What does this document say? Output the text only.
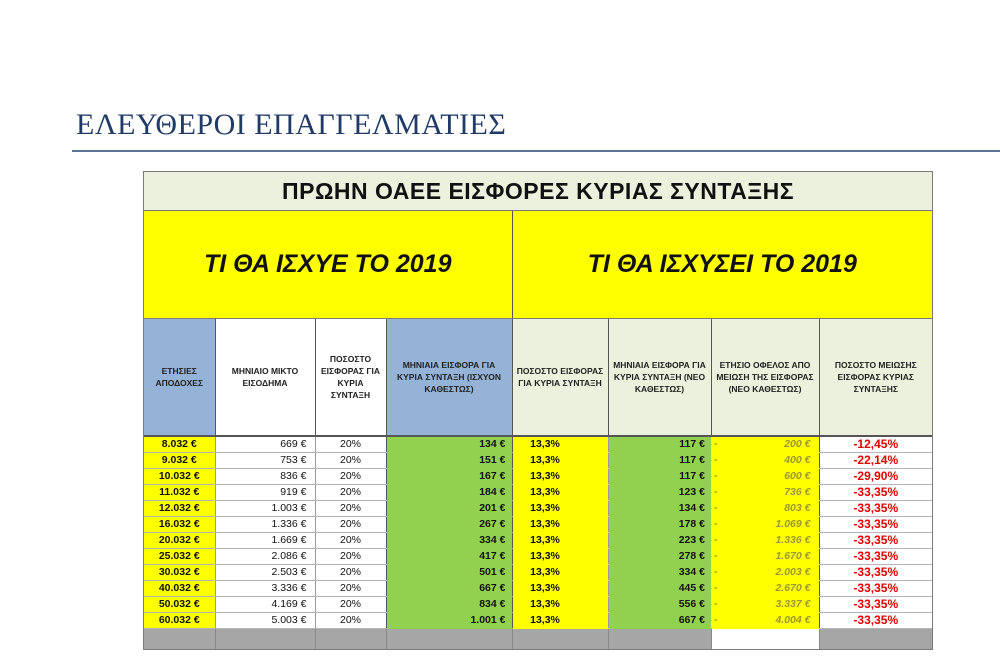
ΕΛΕΥΘΕΡΟΙ ΕΠΑΓΓΕΛΜΑΤΙΕΣ
ΠΡΩΗΝ ΟΑΕΕ ΕΙΣΦΟΡΕΣ ΚΥΡΙΑΣ ΣΥΝΤΑΞΗΣ							
ΤΙ ΘΑ ΙΣΧΥΕ ΤΟ 2019				ΤΙ ΘΑ ΙΣΧΥΣΕΙ ΤΟ 2019			
ΕΤΗΣΙΕΣ ΑΠΟΔΟΧΕΣ	ΜΗΝΙΑΙΟ ΜΙΚΤΟ ΕΙΣΟΔΗΜΑ	ΠΟΣΟΣΤΟ ΕΙΣΦΟΡΑΣ ΓΙΑ ΚΥΡΙΑ ΣΥΝΤΑΞΗ	ΜΗΝΙΑΙΑ ΕΙΣΦΟΡΑ ΓΙΑ ΚΥΡΙΑ ΣΥΝΤΑΞΗ (ΙΣΧΥΟΝ ΚΑΘΕΣΤΩΣ)	ΠΟΣΟΣΤΟ ΕΙΣΦΟΡΑΣ ΓΙΑ ΚΥΡΙΑ ΣΥΝΤΑΞΗ	ΜΗΝΙΑΙΑ ΕΙΣΦΟΡΑ ΓΙΑ ΚΥΡΙΑ ΣΥΝΤΑΞΗ (ΝΕΟ ΚΑΘΕΣΤΩΣ)	ΕΤΗΣΙΟ ΟΦΕΛΟΣ ΑΠΟ ΜΕΙΩΣΗ ΤΗΣ ΕΙΣΦΟΡΑΣ (ΝΕΟ ΚΑΘΕΣΤΩΣ)	ΠΟΣΟΣΤΟ ΜΕΙΩΣΗΣ ΕΙΣΦΟΡΑΣ ΚΥΡΙΑΣ ΣΥΝΤΑΞΗΣ
8.032 €	669 €	20%	134 €	13,3%	117 €	- 200 €	-12,45%
9.032 €	753 €	20%	151 €	13,3%	117 €	- 400 €	-22,14%
10.032 €	836 €	20%	167 €	13,3%	117 €	- 600 €	-29,90%
11.032 €	919 €	20%	184 €	13,3%	123 €	- 736 €	-33,35%
12.032 €	1.003 €	20%	201 €	13,3%	134 €	- 803 €	-33,35%
16.032 €	1.336 €	20%	267 €	13,3%	178 €	- 1.069 €	-33,35%
20.032 €	1.669 €	20%	334 €	13,3%	223 €	- 1.336 €	-33,35%
25.032 €	2.086 €	20%	417 €	13,3%	278 €	- 1.670 €	-33,35%
30.032 €	2.503 €	20%	501 €	13,3%	334 €	- 2.003 €	-33,35%
40.032 €	3.336 €	20%	667 €	13,3%	445 €	- 2.670 €	-33,35%
50.032 €	4.169 €	20%	834 €	13,3%	556 €	- 3.337 €	-33,35%
60.032 €	5.003 €	20%	1.001 €	13,3%	667 €	- 4.004 €	-33,35%
